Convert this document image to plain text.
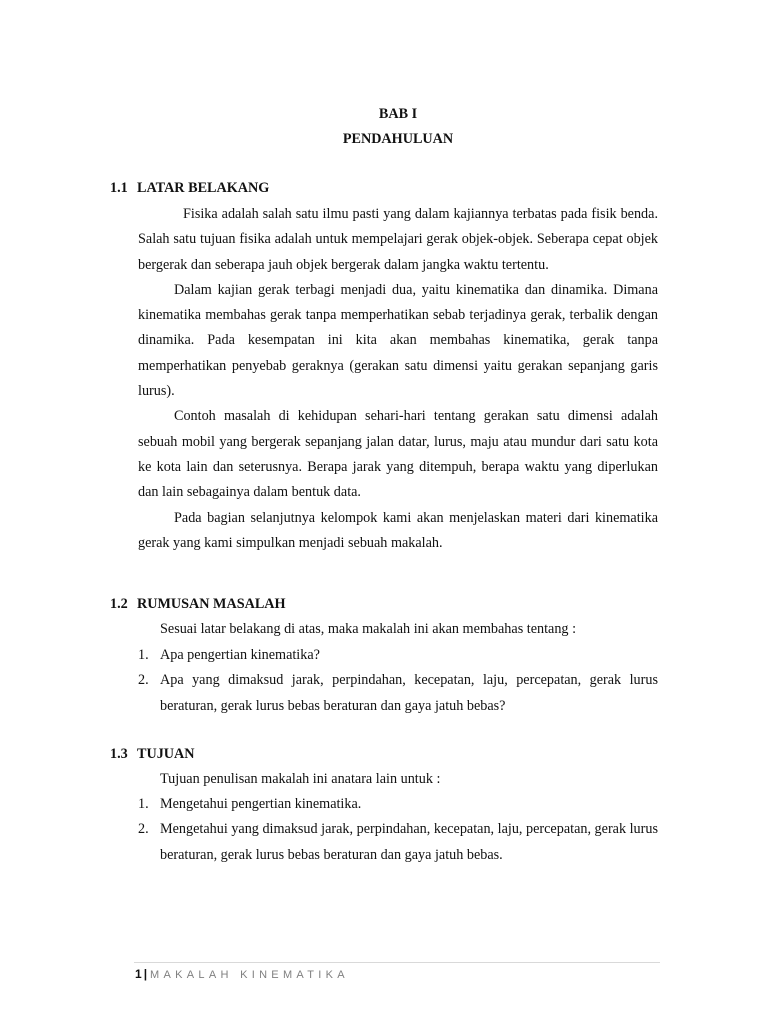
BAB I
PENDAHULUAN
1.1 LATAR BELAKANG

Fisika adalah salah satu ilmu pasti yang dalam kajiannya terbatas pada fisik benda. Salah satu tujuan fisika adalah untuk mempelajari gerak objek-objek. Seberapa cepat objek bergerak dan seberapa jauh objek bergerak dalam jangka waktu tertentu.

Dalam kajian gerak terbagi menjadi dua, yaitu kinematika dan dinamika. Dimana kinematika membahas gerak tanpa memperhatikan sebab terjadinya gerak, terbalik dengan dinamika. Pada kesempatan ini kita akan membahas kinematika, gerak tanpa memperhatikan penyebab geraknya (gerakan satu dimensi yaitu gerakan sepanjang garis lurus).

Contoh masalah di kehidupan sehari-hari tentang gerakan satu dimensi adalah sebuah mobil yang bergerak sepanjang jalan datar, lurus, maju atau mundur dari satu kota ke kota lain dan seterusnya. Berapa jarak yang ditempuh, berapa waktu yang diperlukan dan lain sebagainya dalam bentuk data.

Pada bagian selanjutnya kelompok kami akan menjelaskan materi dari kinematika gerak yang kami simpulkan menjadi sebuah makalah.

1.2 RUMUSAN MASALAH
Sesuai latar belakang di atas, maka makalah ini akan membahas tentang :
1. Apa pengertian kinematika?
2. Apa yang dimaksud jarak, perpindahan, kecepatan, laju, percepatan, gerak lurus beraturan, gerak lurus bebas beraturan dan gaya jatuh bebas?
1.3 TUJUAN
Tujuan penulisan makalah ini anatara lain untuk :
1. Mengetahui pengertian kinematika.
2. Mengetahui yang dimaksud jarak, perpindahan, kecepatan, laju, percepatan, gerak lurus beraturan, gerak lurus bebas beraturan dan gaya jatuh bebas.
1 | MAKALAH KINEMATIKA
